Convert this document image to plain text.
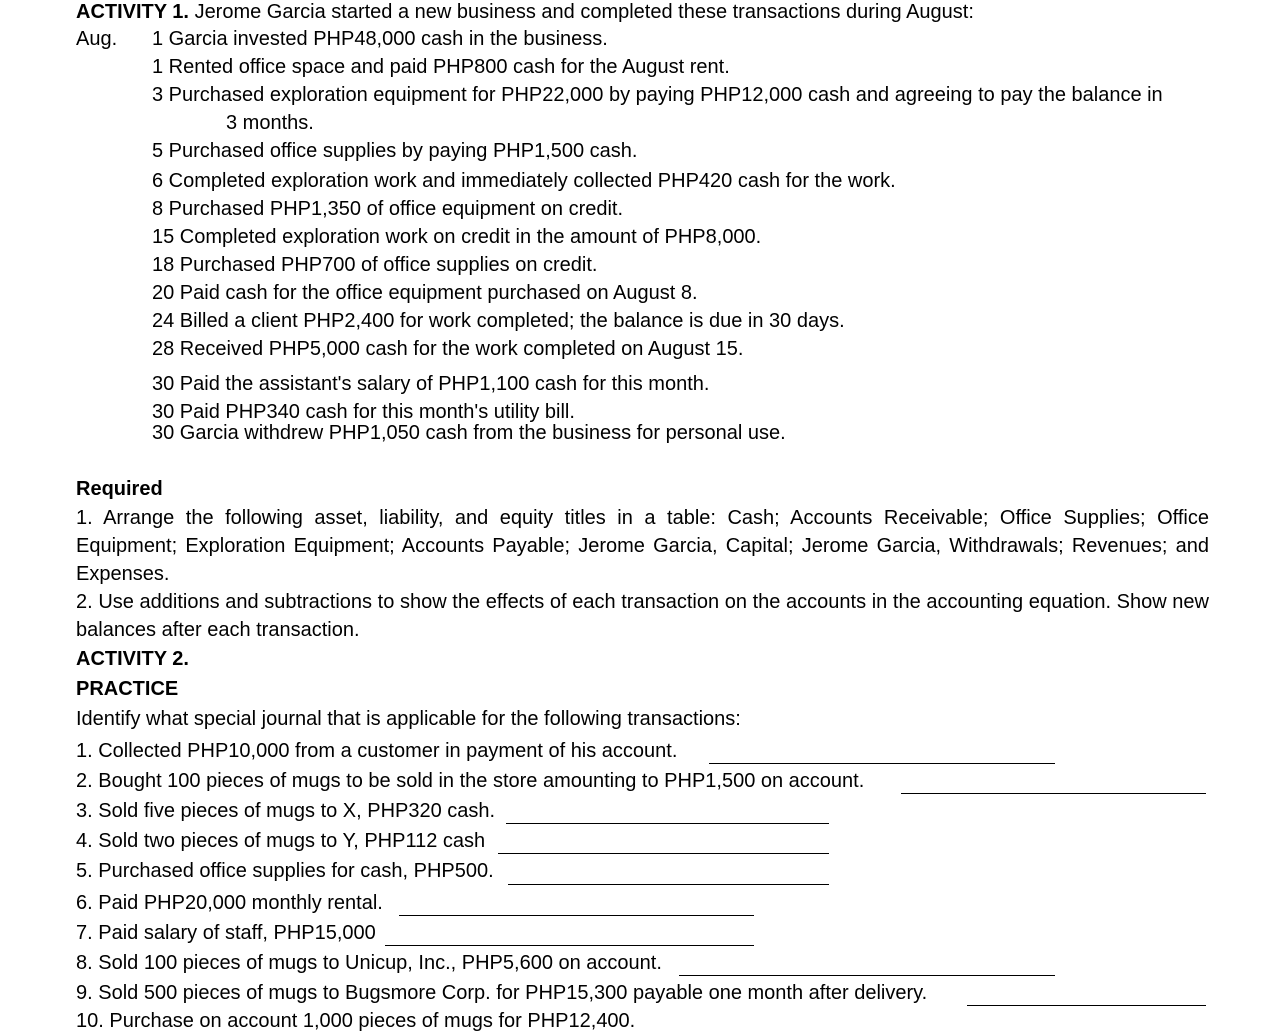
ACTIVITY 1. Jerome Garcia started a new business and completed these transactions during August:
Aug. 1 Garcia invested PHP48,000 cash in the business.
1 Rented office space and paid PHP800 cash for the August rent.
3 Purchased exploration equipment for PHP22,000 by paying PHP12,000 cash and agreeing to pay the balance in
3 months.
5 Purchased office supplies by paying PHP1,500 cash.
6 Completed exploration work and immediately collected PHP420 cash for the work.
8 Purchased PHP1,350 of office equipment on credit.
15 Completed exploration work on credit in the amount of PHP8,000.
18 Purchased PHP700 of office supplies on credit.
20 Paid cash for the office equipment purchased on August 8.
24 Billed a client PHP2,400 for work completed; the balance is due in 30 days.
28 Received PHP5,000 cash for the work completed on August 15.
30 Paid the assistant's salary of PHP1,100 cash for this month.
30 Paid PHP340 cash for this month's utility bill.
30 Garcia withdrew PHP1,050 cash from the business for personal use.
Required
1. Arrange the following asset, liability, and equity titles in a table: Cash; Accounts Receivable; Office Supplies; Office Equipment; Exploration Equipment; Accounts Payable; Jerome Garcia, Capital; Jerome Garcia, Withdrawals; Revenues; and Expenses.
2. Use additions and subtractions to show the effects of each transaction on the accounts in the accounting equation. Show new balances after each transaction.
ACTIVITY 2.
PRACTICE
Identify what special journal that is applicable for the following transactions:
1. Collected PHP10,000 from a customer in payment of his account.
2. Bought 100 pieces of mugs to be sold in the store amounting to PHP1,500 on account.
3. Sold five pieces of mugs to X, PHP320 cash.
4. Sold two pieces of mugs to Y, PHP112 cash
5. Purchased office supplies for cash, PHP500.
6. Paid PHP20,000 monthly rental.
7. Paid salary of staff, PHP15,000
8. Sold 100 pieces of mugs to Unicup, Inc., PHP5,600 on account.
9. Sold 500 pieces of mugs to Bugsmore Corp. for PHP15,300 payable one month after delivery.
10. Purchase on account 1,000 pieces of mugs for PHP12,400.
